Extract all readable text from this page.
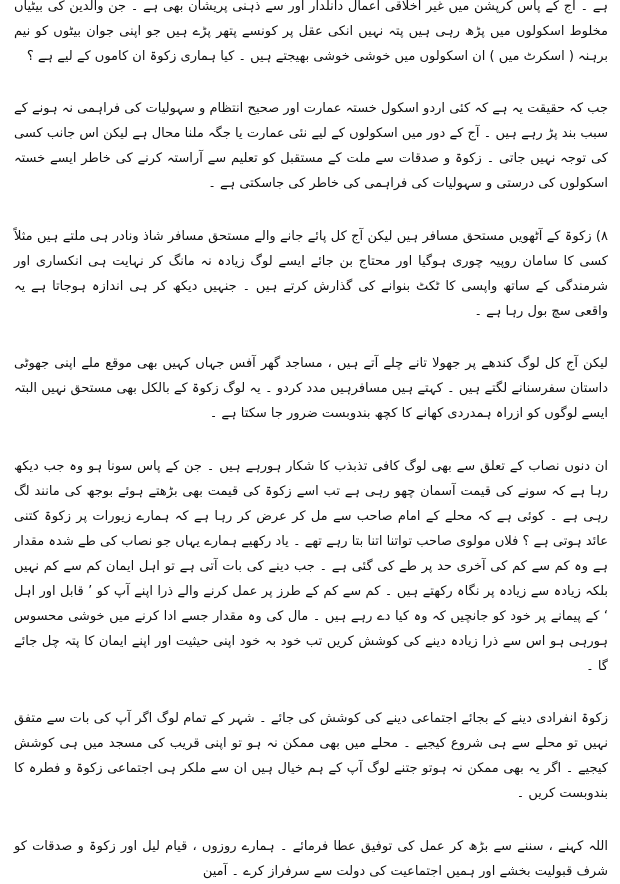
ہے ۔ آج کے پاس کرپشن میں غیر اخلاقی اعمال دانلدار اور سے ذہنی پریشان بھی ہے ۔ جن والدین کی بیٹیاں مخلوط اسکولوں میں پڑھ رہی ہیں پتہ نہیں انکی عقل پر کونسے پتھر پڑے ہیں جو اپنی جوان بیٹوں کو نیم برہنہ ( اسکرٹ میں ) ان اسکولوں میں خوشی خوشی بھیجتے ہیں ۔ کیا ہماری زکوۃ ان کاموں کے لیے ہے ؟

جب کہ حقیقت یہ ہے کہ کئی اردو اسکول خستہ عمارت اور صحیح انتظام و سہولیات کی فراہمی نہ ہونے کے سبب بند پڑ رہے ہیں ۔ آج کے دور میں اسکولوں کے لیے نئی عمارت یا جگہ ملنا محال ہے لیکن اس جانب کسی کی توجہ نہیں جاتی ۔ زکوۃ و صدقات سے ملت کے مستقبل کو تعلیم سے آراستہ کرنے کی خاطر ایسے خستہ اسکولوں کی درستی و سہولیات کی فراہمی کی خاطر کی جاسکتی ہے ۔

۸) زکوۃ کے آٹھویں مستحق مسافر ہیں لیکن آج کل پائے جانے والے مستحق مسافر شاذ ونادر ہی ملتے ہیں مثلاً کسی کا سامان روپیہ چوری ہوگیا اور محتاج بن جائے ایسے لوگ زیادہ نہ مانگ کر نہایت ہی انکساری اور شرمندگی کے ساتھ واپسی کا ٹکٹ بنوانے کی گذارش کرتے ہیں ۔ جنہیں دیکھ کر ہی اندازہ ہوجاتا ہے یہ واقعی سچ بول رہا ہے ۔

لیکن آج کل لوگ کندھے پر جھولا تانے چلے آتے ہیں ، مساجد گھر آفس جہاں کہیں بھی موقع ملے اپنی جھوٹی داستان سفرسنانے لگتے ہیں ۔ کہتے ہیں مسافرہیں مدد کردو ۔ یہ لوگ زکوۃ کے بالکل بھی مستحق نہیں البتہ ایسے لوگوں کو ازراہ ہمدردی کھانے کا کچھ بندوبست ضرور جا سکتا ہے ۔

ان دنوں نصاب کے تعلق سے بھی لوگ کافی تذبذب کا شکار ہورہے ہیں ۔ جن کے پاس سونا ہو وہ جب دیکھ رہا ہے کہ سونے کی قیمت آسمان چھو رہی ہے تب اسے زکوۃ کی قیمت بھی بڑھتے ہوئے بوجھ کی مانند لگ رہی ہے ۔ کوئی ہے کہ محلے کے امام صاحب سے مل کر عرض کر رہا ہے کہ ہمارے زیورات پر زکوۃ کتنی عائد ہوتی ہے ؟ فلاں مولوی صاحب تواتنا اتنا بتا رہے تھے ۔ یاد رکھیے ہمارے یہاں جو نصاب کی طے شدہ مقدار ہے وہ کم سے کم کی آخری حد پر طے کی گئی ہے ۔ جب دینے کی بات آتی ہے تو اہل ایمان کم سے کم نہیں بلکہ زیادہ سے زیادہ پر نگاہ رکھتے ہیں ۔ کم سے کم کے طرز پر عمل کرنے والے ذرا اپنے آپ کو ’ قابل اور اہل ‘ کے پیمانے پر خود کو جانچیں کہ وہ کیا دے رہے ہیں ۔ مال کی وہ مقدار جسے ادا کرنے میں خوشی محسوس ہورہی ہو اس سے ذرا زیادہ دینے کی کوشش کریں تب خود بہ خود اپنی حیثیت اور اپنے ایمان کا پتہ چل جائے گا ۔

زکوۃ انفرادی دینے کے بجائے اجتماعی دینے کی کوشش کی جائے ۔ شہر کے تمام لوگ اگر آپ کی بات سے متفق نہیں تو محلے سے ہی شروع کیجیے ۔ محلے میں بھی ممکن نہ ہو تو اپنی قریب کی مسجد میں ہی کوشش کیجیے ۔ اگر یہ بھی ممکن نہ ہوتو جتنے لوگ آپ کے ہم خیال ہیں ان سے ملکر ہی اجتماعی زکوۃ و فطرہ کا بندوبست کریں ۔

اللہ کہنے ، سننے سے بڑھ کر عمل کی توفیق عطا فرمائے ۔ ہمارے روزوں ، قیام لیل اور زکوۃ و صدقات کو شرف قبولیت بخشے اور ہمیں اجتماعیت کی دولت سے سرفراز کرے ۔ آمین
